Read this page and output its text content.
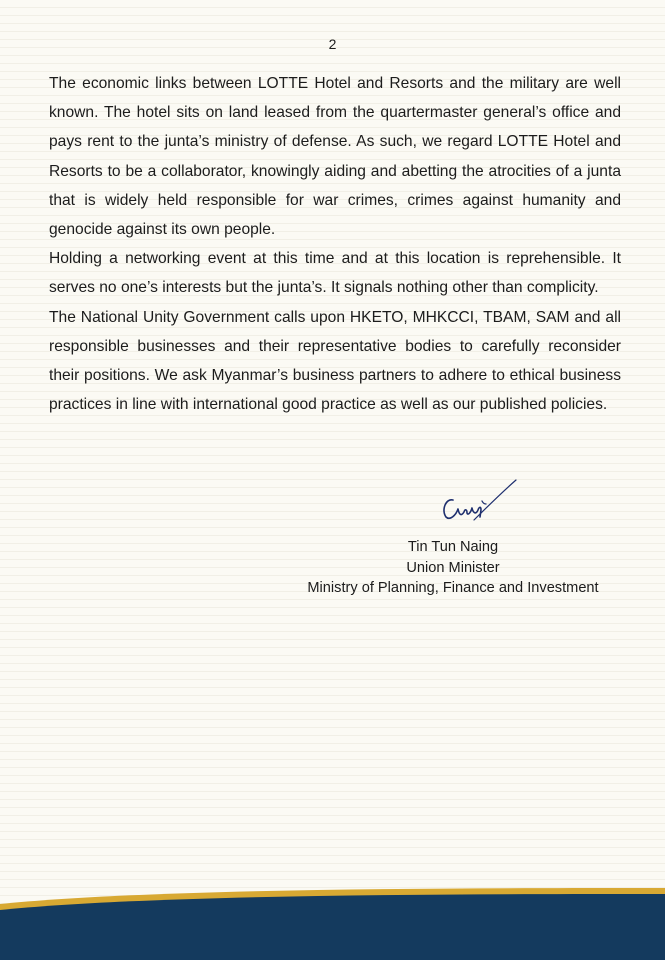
2

The economic links between LOTTE Hotel and Resorts and the military are well known. The hotel sits on land leased from the quartermaster general’s office and pays rent to the junta’s ministry of defense. As such, we regard LOTTE Hotel and Resorts to be a collaborator, knowingly aiding and abetting the atrocities of a junta that is widely held responsible for war crimes, crimes against humanity and genocide against its own people.

Holding a networking event at this time and at this location is reprehensible. It serves no one’s interests but the junta’s. It signals nothing other than complicity.

The National Unity Government calls upon HKETO, MHKCCI, TBAM, SAM and all responsible businesses and their representative bodies to carefully reconsider their positions. We ask Myanmar’s business partners to adhere to ethical business practices in line with international good practice as well as our published policies.

Tin Tun Naing
Union Minister
Ministry of Planning, Finance and Investment
